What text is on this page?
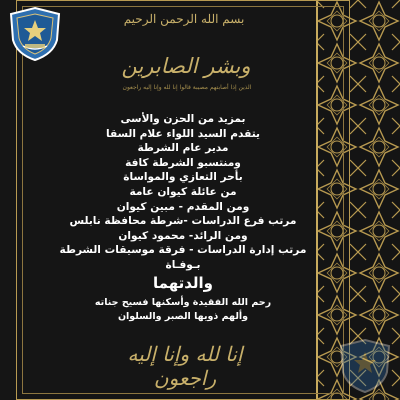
بسم الله الرحمن الرحيم
وبشر الصابرين
الذين إذا أصابتهم مصيبة قالوا إنا لله وإنا إليه راجعون
بمزيد من الحزن والأسى
يتقدم السيد اللواء علام السقا
مدير عام الشرطة
ومنتسبو الشرطة كافة
بأحر التعازي والمواساة
من عائلة كيوان عامة
ومن المقدم - مبين كيوان
مرتب فرع الدراسات -شرطة محافظة نابلس
ومن الرائد- محمود كيوان
مرتب إدارة الدراسات - فرقة موسيقات الشرطة
بـوفـاة
والدتهما
رحم الله الفقيدة وأسكنها فسيح جناته
وألهم ذويها الصبر والسلوان
إنا لله وإنا إليه راجعون
